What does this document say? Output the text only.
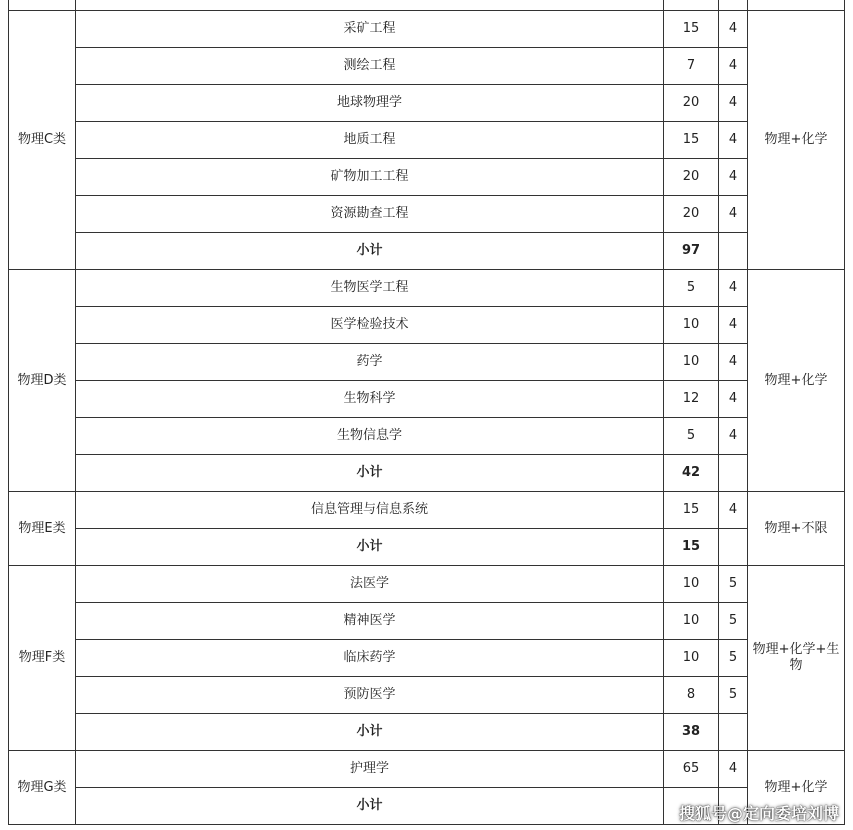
物理C类	采矿工程	15	4	物理+化学
	测绘工程	7	4	
	地球物理学	20	4	
	地质工程	15	4	
	矿物加工工程	20	4	
	资源勘查工程	20	4	
	小计	97		
物理D类	生物医学工程	5	4	物理+化学
	医学检验技术	10	4	
	药学	10	4	
	生物科学	12	4	
	生物信息学	5	4	
	小计	42		
物理E类	信息管理与信息系统	15	4	物理+不限
	小计	15		
物理F类	法医学	10	5	物理+化学+生物
	精神医学	10	5	
	临床药学	10	5	
	预防医学	8	5	
	小计	38		
物理G类	护理学	65	4	物理+化学
	小计				搜狐号@定向委培刘博
